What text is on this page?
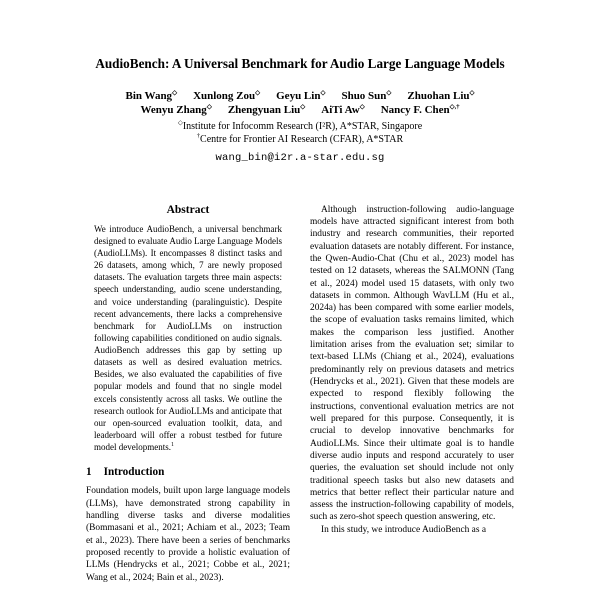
AudioBench: A Universal Benchmark for Audio Large Language Models
Bin Wang◇ Xunlong Zou◇ Geyu Lin◇ Shuo Sun◇ Zhuohan Liu◇
Wenyu Zhang◇ Zhengyuan Liu◇ AiTi Aw◇ Nancy F. Chen◇,†
◇Institute for Infocomm Research (I²R), A*STAR, Singapore
†Centre for Frontier AI Research (CFAR), A*STAR
wang_bin@i2r.a-star.edu.sg
Abstract

We introduce AudioBench, a universal benchmark designed to evaluate Audio Large Language Models (AudioLLMs). It encompasses 8 distinct tasks and 26 datasets, among which, 7 are newly proposed datasets. The evaluation targets three main aspects: speech understanding, audio scene understanding, and voice understanding (paralinguistic). Despite recent advancements, there lacks a comprehensive benchmark for AudioLLMs on instruction following capabilities conditioned on audio signals. AudioBench addresses this gap by setting up datasets as well as desired evaluation metrics. Besides, we also evaluated the capabilities of five popular models and found that no single model excels consistently across all tasks. We outline the research outlook for AudioLLMs and anticipate that our open-sourced evaluation toolkit, data, and leaderboard will offer a robust testbed for future model developments.$^1$

1 Introduction

Foundation models, built upon large language models (LLMs), have demonstrated strong capability in handling diverse tasks and diverse modalities (Bommasani et al., 2021; Achiam et al., 2023; Team et al., 2023). There have been a series of benchmarks proposed recently to provide a holistic evaluation of LLMs (Hendrycks et al., 2021; Cobbe et al., 2021; Wang et al., 2024; Bain et al., 2023).

Although instruction-following audio-language models have attracted significant interest from both industry and research communities, their reported evaluation datasets are notably different. For instance, the Qwen-Audio-Chat (Chu et al., 2023) model has tested on 12 datasets, whereas the SALMONN (Tang et al., 2024) model used 15 datasets, with only two datasets in common. Although WavLLM (Hu et al., 2024a) has been compared with some earlier models, the scope of evaluation tasks remains limited, which makes the comparison less justified. Another limitation arises from the evaluation set; similar to text-based LLMs (Chiang et al., 2024), evaluations predominantly rely on previous datasets and metrics (Hendrycks et al., 2021). Given that these models are expected to respond flexibly following the instructions, conventional evaluation metrics are not well prepared for this purpose. Consequently, it is crucial to develop innovative benchmarks for AudioLLMs. Since their ultimate goal is to handle diverse audio inputs and respond accurately to user queries, the evaluation set should include not only traditional speech tasks but also new datasets and metrics that better reflect their particular nature and assess the instruction-following capability of models, such as zero-shot speech question answering, etc.

In this study, we introduce AudioBench as a
